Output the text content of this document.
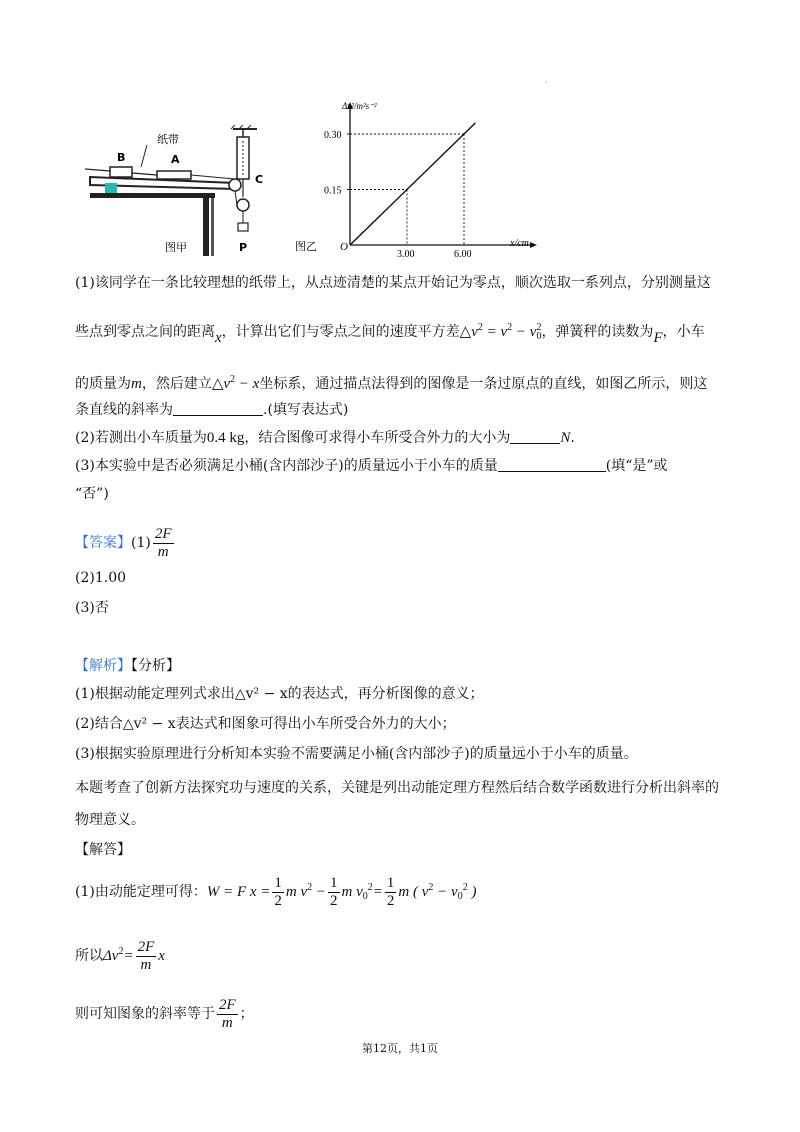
纸带
B	A
C
P
图甲
0.30
0.15
3.00	6.00
Δv²/m²s⁻²
x/cm
O
图乙
·
(1)该同学在一条比较理想的纸带上，从点迹清楚的某点开始记为零点，顺次选取一系列点，分别测量这
些点到零点之间的距离x，计算出它们与零点之间的速度平方差$\triangle v^2 = v^2 - v_0^2$，弹簧秤的读数为F，小车
的质量为m，然后建立$\triangle v^2 - x$坐标系，通过描点法得到的图像是一条过原点的直线，如图乙所示，则这
条直线的斜率为	.(填写表达式)
(2)若测出小车质量为0.4 kg，结合图像可求得小车所受合外力的大小为	N.
(3)本实验中是否必须满足小桶(含内部沙子)的质量远小于小车的质量	(填“是”或
“否”)
【答案】$(1) \frac{2F}{m}$
(2)1.00
(3)否
【解析】【分析】
(1)根据动能定理列式求出△v² − x的表达式，再分析图像的意义；
(2)结合△v² − x表达式和图象可得出小车所受合外力的大小；
(3)根据实验原理进行分析知本实验不需要满足小桶(含内部沙子)的质量远小于小车的质量。
本题考查了创新方法探究功与速度的关系，关键是列出动能定理方程然后结合数学函数进行分析出斜率的
物理意义。
【解答】
(1)由动能定理可得：W = F $x = \frac{1}{2}$ m $v^2 - \frac{1}{2}$ m $v_0^2= \frac{1}{2}$ m ( $v^2 - v_0^2$ )
所以$\Delta v^2= \frac{2F}{m}$ x
则可知图象的斜率等于 $\frac{2F}{m}$ ；
第12页，共1页
